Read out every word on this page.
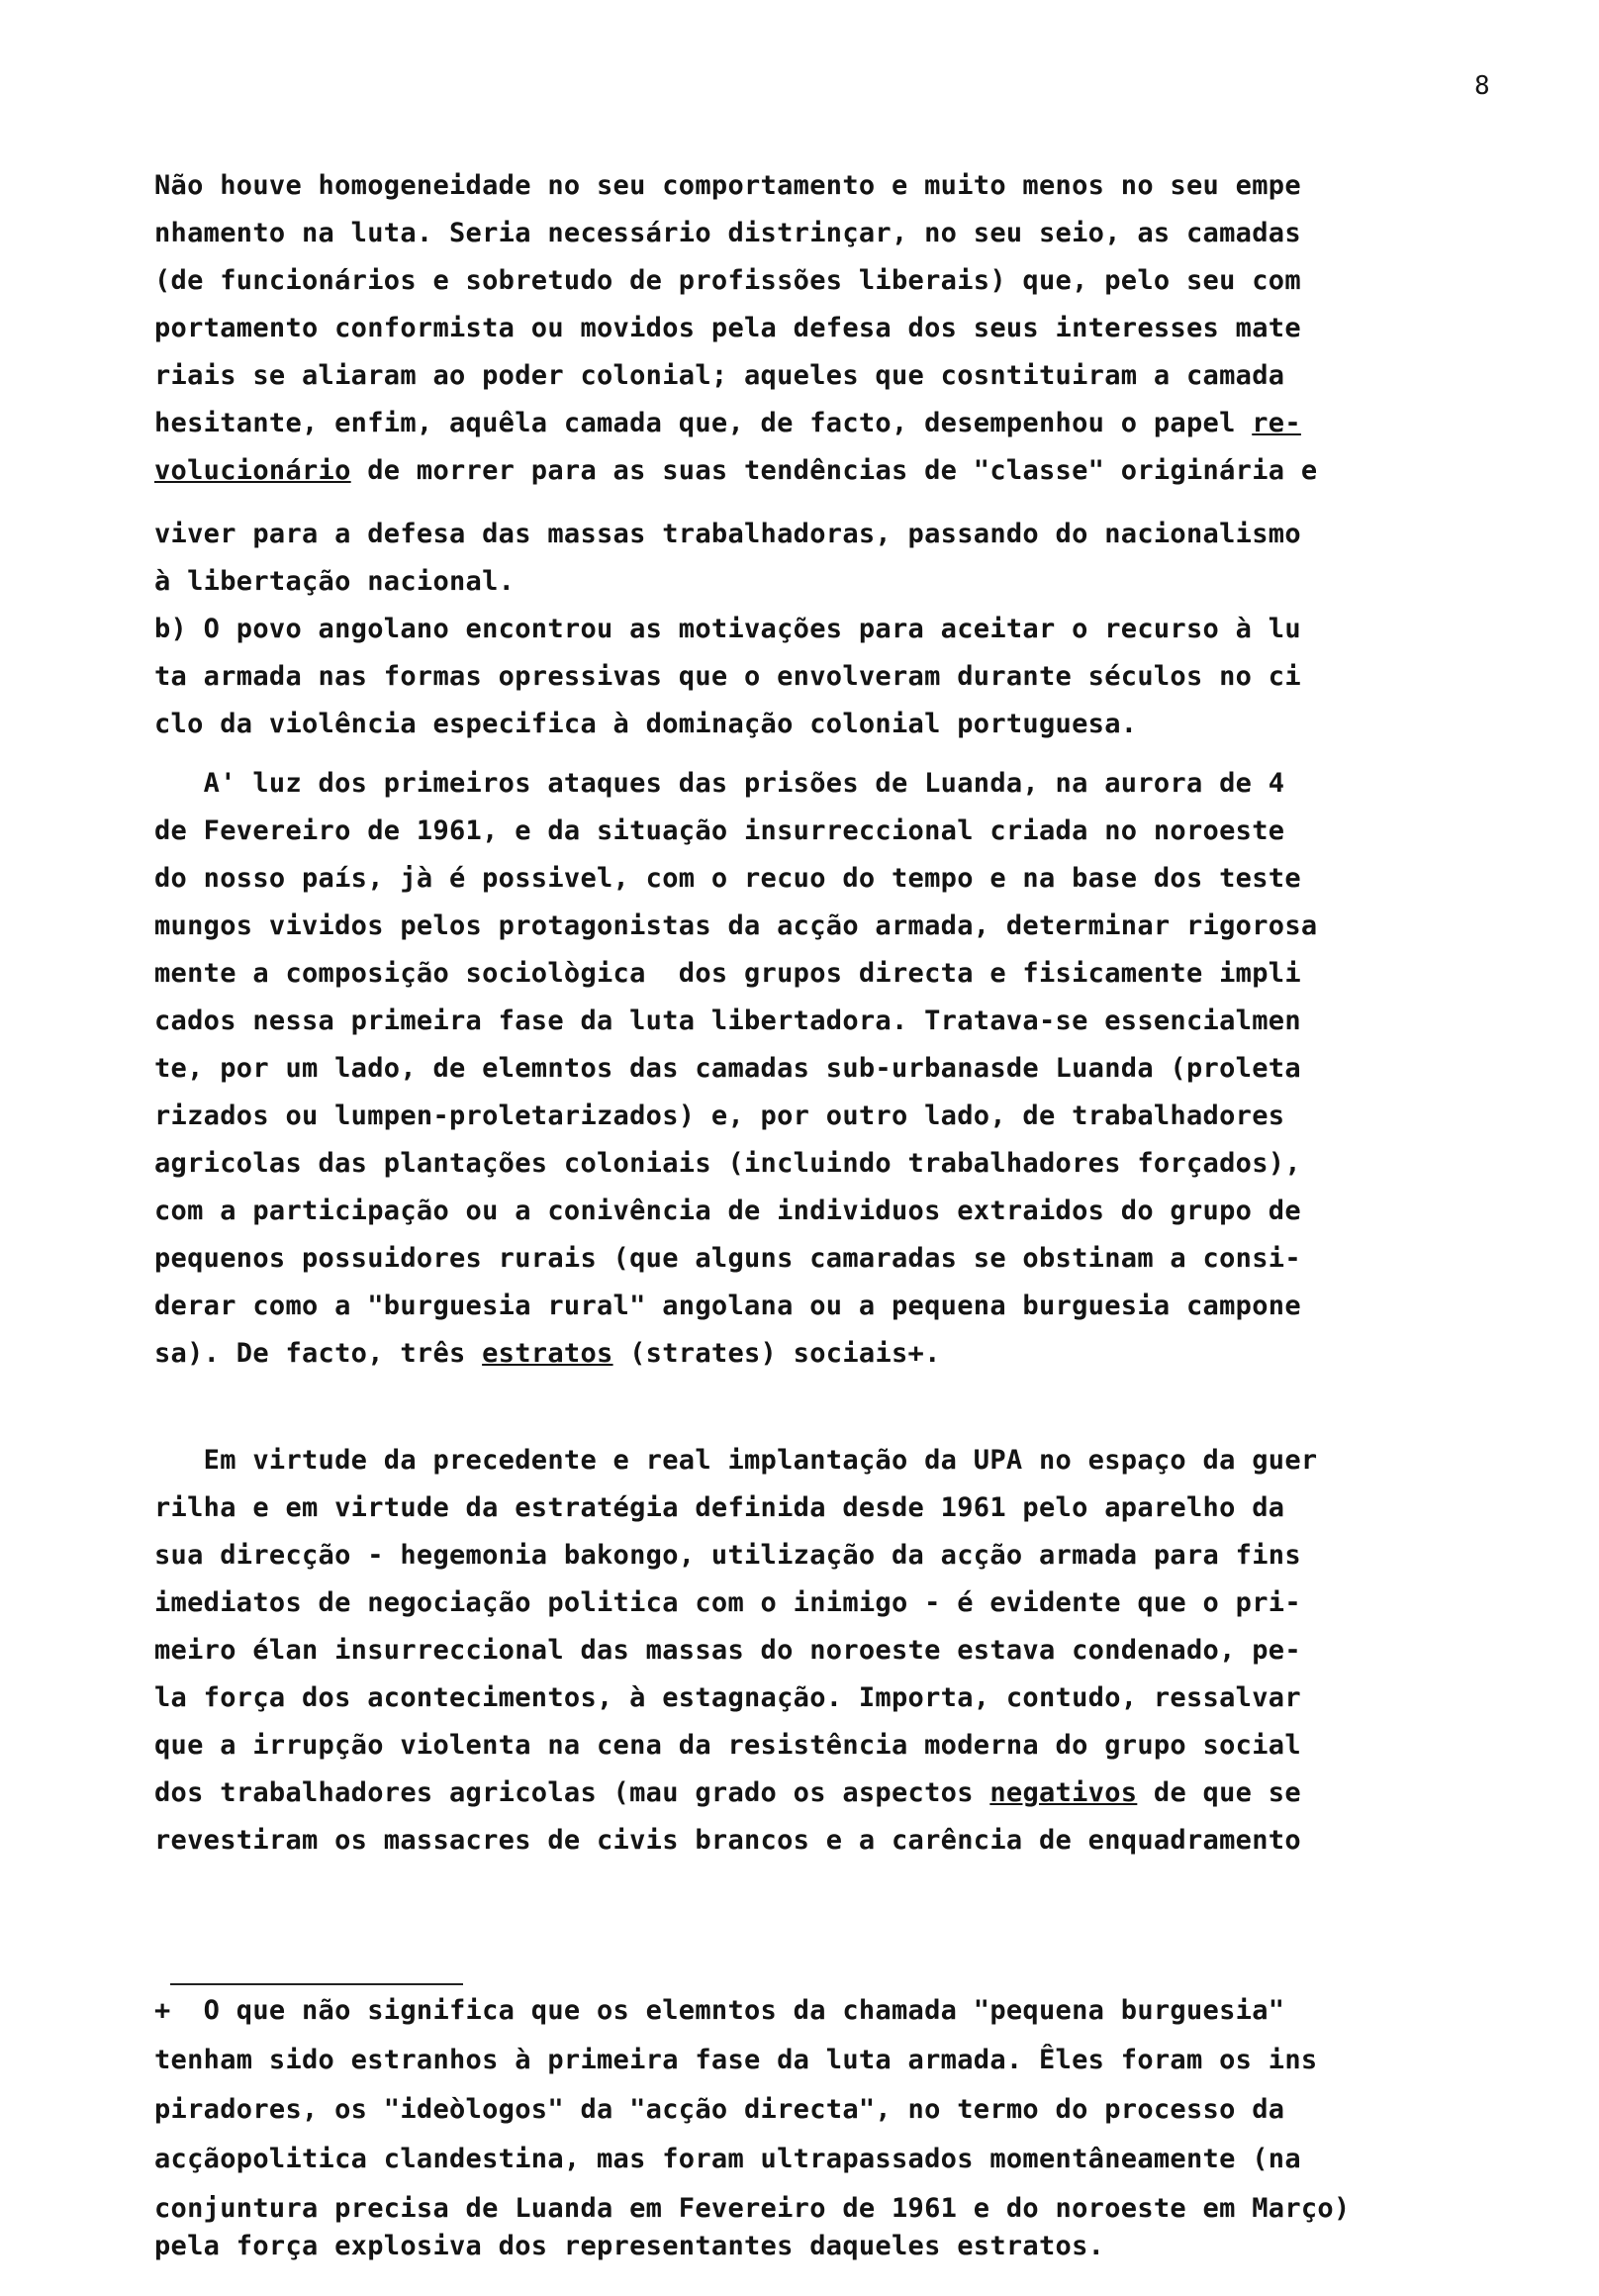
8
Não houve homogeneidade no seu comportamento e muito menos no seu empe
nhamento na luta. Seria necessário distrinçar, no seu seio, as camadas
(de funcionários e sobretudo de profissões liberais) que, pelo seu com
portamento conformista ou movidos pela defesa dos seus interesses mate
riais se aliaram ao poder colonial; aqueles que cosntituiram a camada
hesitante, enfim, aquêla camada que, de facto, desempenhou o papel re-
volucionário de morrer para as suas tendências de "classe" originária e
viver para a defesa das massas trabalhadoras, passando do nacionalismo
à libertação nacional.
b) O povo angolano encontrou as motivações para aceitar o recurso à lu
ta armada nas formas opressivas que o envolveram durante séculos no ci
clo da violência especifica à dominação colonial portuguesa.
A' luz dos primeiros ataques das prisões de Luanda, na aurora de 4
de Fevereiro de 1961, e da situação insurreccional criada no noroeste
do nosso país, jà é possivel, com o recuo do tempo e na base dos teste
mungos vividos pelos protagonistas da acção armada, determinar rigorosa
mente a composição sociològica  dos grupos directa e fisicamente impli
cados nessa primeira fase da luta libertadora. Tratava-se essencialmen
te, por um lado, de elemntos das camadas sub-urbanasde Luanda (proleta
rizados ou lumpen-proletarizados) e, por outro lado, de trabalhadores
agricolas das plantações coloniais (incluindo trabalhadores forçados),
com a participação ou a conivência de individuos extraidos do grupo de
pequenos possuidores rurais (que alguns camaradas se obstinam a consi-
derar como a "burguesia rural" angolana ou a pequena burguesia campone
sa). De facto, três estratos (strates) sociais+.
Em virtude da precedente e real implantação da UPA no espaço da guer
rilha e em virtude da estratégia definida desde 1961 pelo aparelho da
sua direcção - hegemonia bakongo, utilização da acção armada para fins
imediatos de negociação politica com o inimigo - é evidente que o pri-
meiro élan insurreccional das massas do noroeste estava condenado, pe-
la força dos acontecimentos, à estagnação. Importa, contudo, ressalvar
que a irrupção violenta na cena da resistência moderna do grupo social
dos trabalhadores agricolas (mau grado os aspectos negativos de que se
revestiram os massacres de civis brancos e a carência de enquadramento
+  O que não significa que os elemntos da chamada "pequena burguesia"
tenham sido estranhos à primeira fase da luta armada. Êles foram os ins
piradores, os "ideòlogos" da "acção directa", no termo do processo da
acçãopolitica clandestina, mas foram ultrapassados momentâneamente (na
conjuntura precisa de Luanda em Fevereiro de 1961 e do noroeste em Março)
pela força explosiva dos representantes daqueles estratos.
